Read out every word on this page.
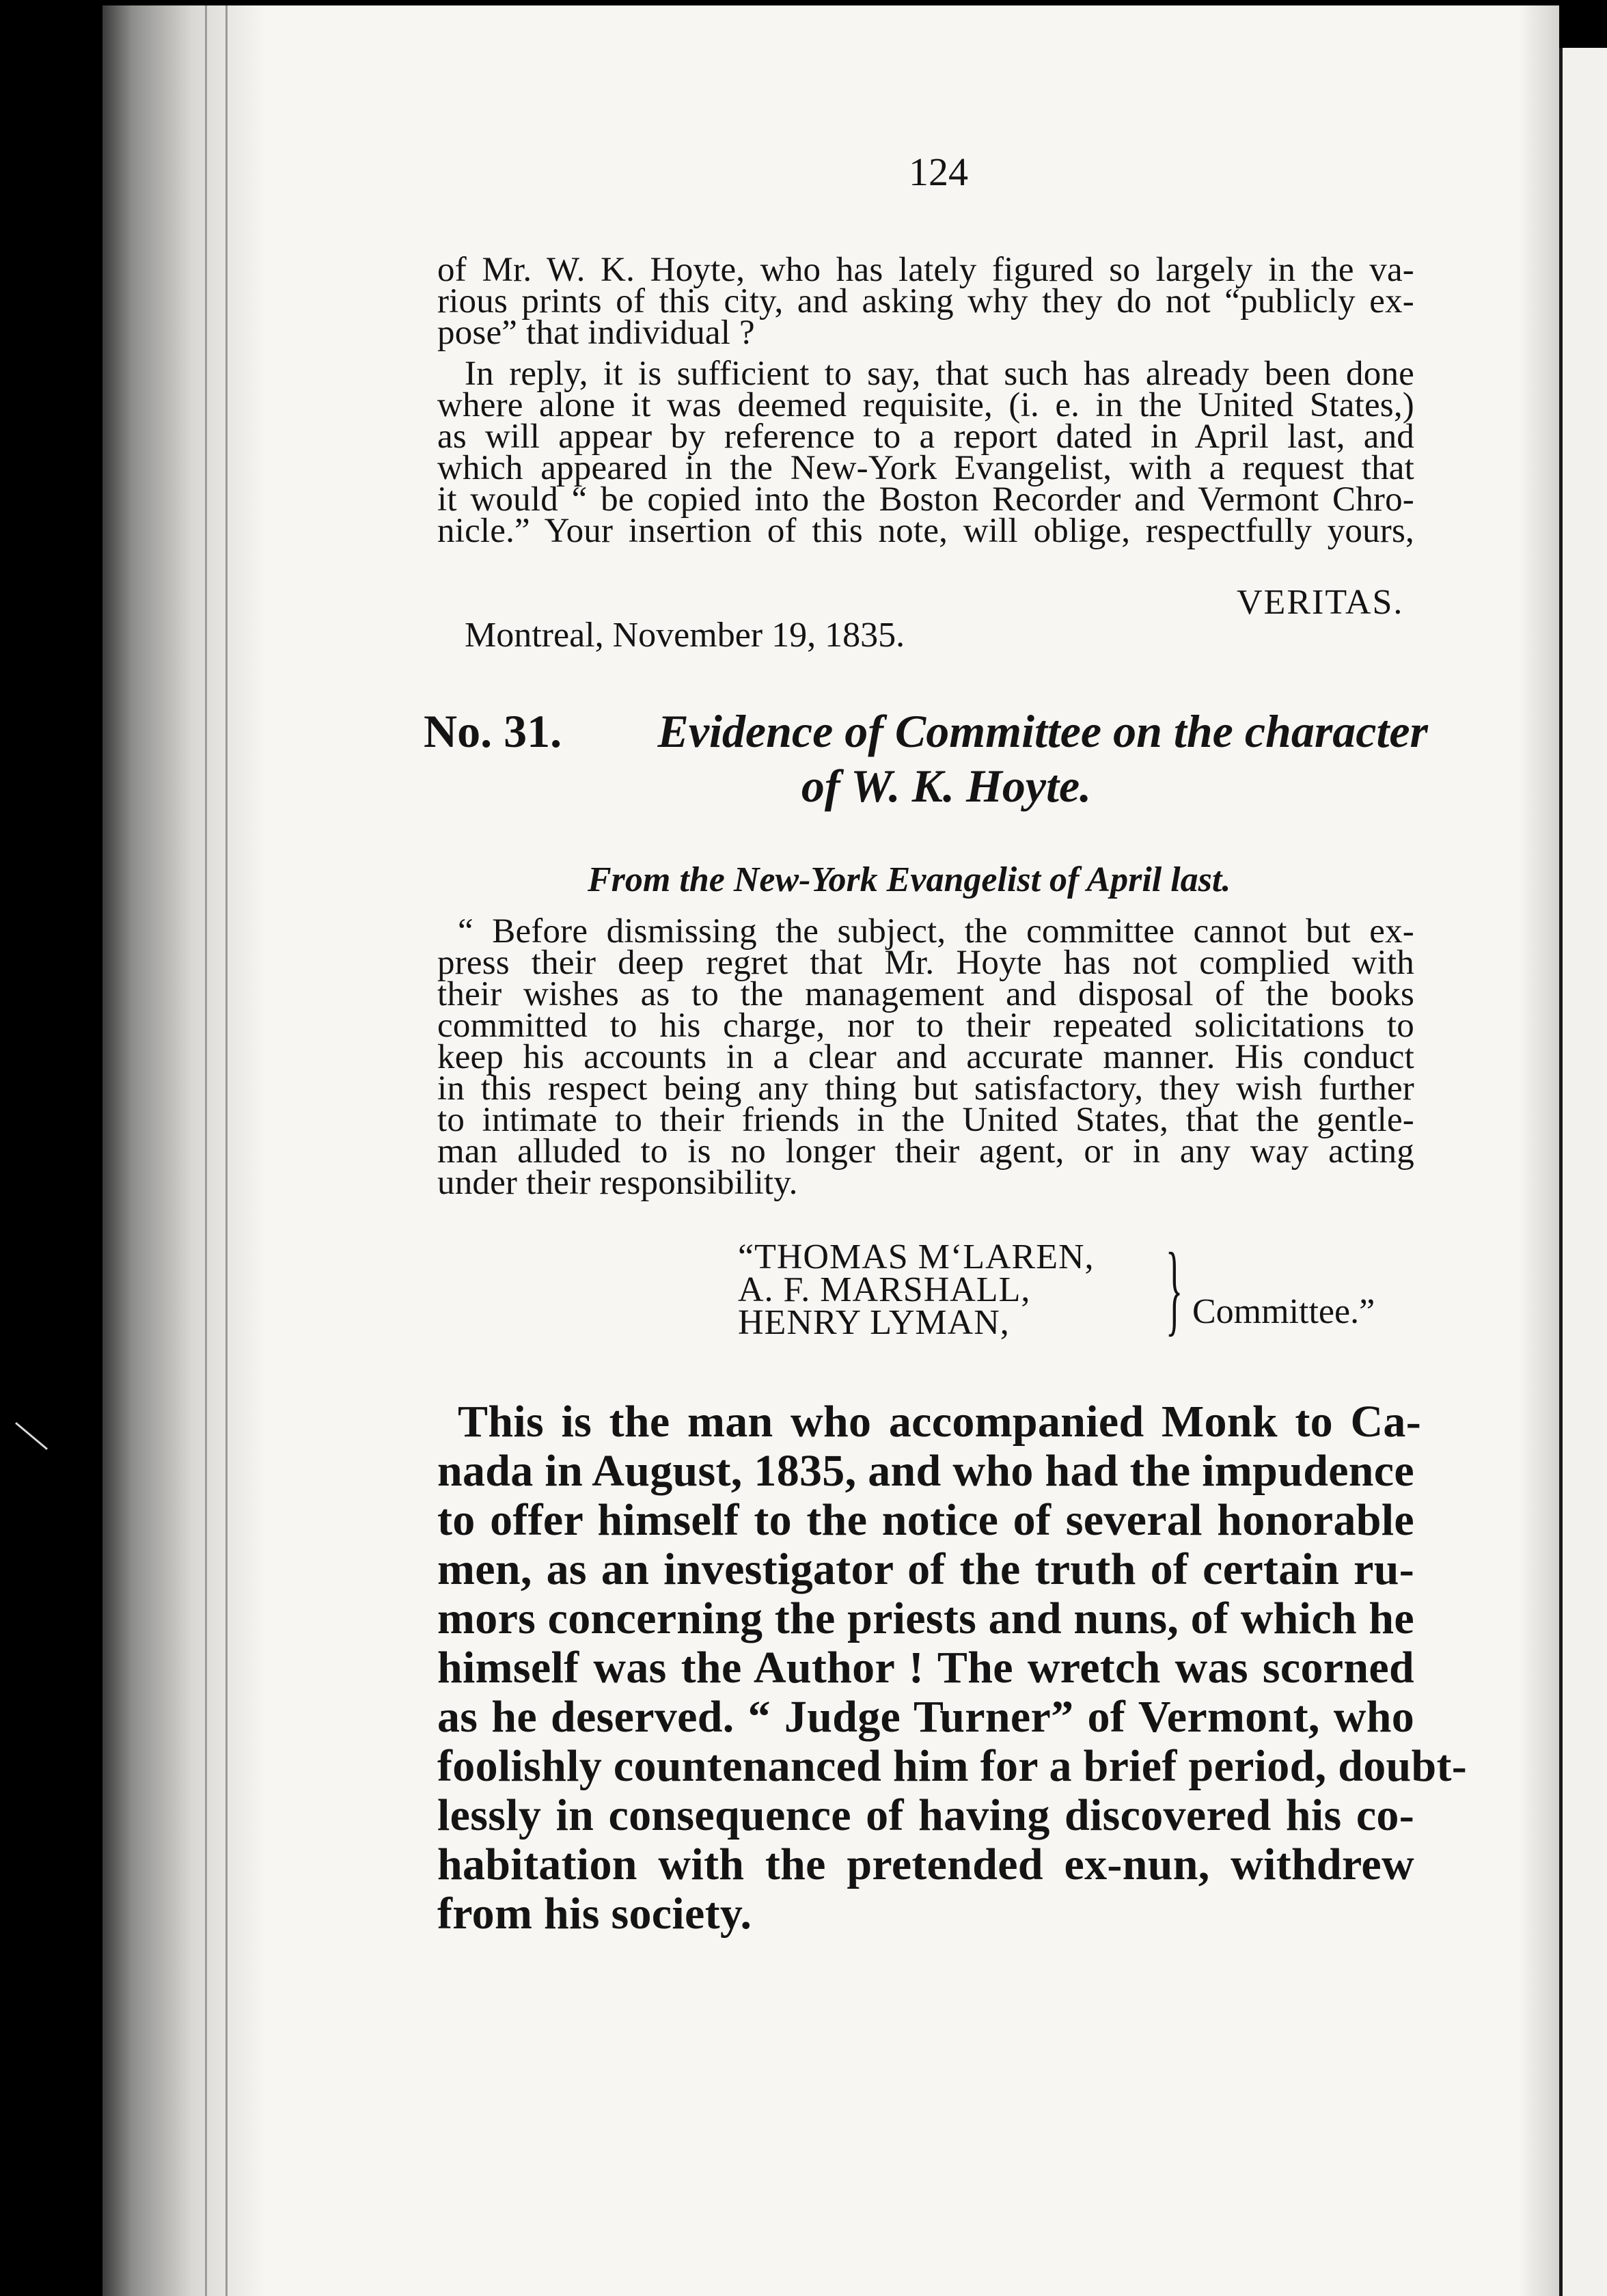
124
of Mr. W. K. Hoyte, who has lately figured so largely in the va-
rious prints of this city, and asking why they do not “publicly ex-
pose” that individual ?
In reply, it is sufficient to say, that such has already been done
where alone it was deemed requisite, (i. e. in the United States,)
as will appear by reference to a report dated in April last, and
which appeared in the New-York Evangelist, with a request that
it would “ be copied into the Boston Recorder and Vermont Chro-
nicle.” Your insertion of this note, will oblige, respectfully yours,
VERITAS.
Montreal, November 19, 1835.
No. 31. Evidence of Committee on the character
of W. K. Hoyte.
From the New-York Evangelist of April last.
“ Before dismissing the subject, the committee cannot but ex-
press their deep regret that Mr. Hoyte has not complied with
their wishes as to the management and disposal of the books
committed to his charge, nor to their repeated solicitations to
keep his accounts in a clear and accurate manner. His conduct
in this respect being any thing but satisfactory, they wish further
to intimate to their friends in the United States, that the gentle-
man alluded to is no longer their agent, or in any way acting
under their responsibility.
“THOMAS M‘LAREN,
A. F. MARSHALL,
HENRY LYMAN,	} Committee.”
This is the man who accompanied Monk to Ca-
nada in August, 1835, and who had the impudence
to offer himself to the notice of several honorable
men, as an investigator of the truth of certain ru-
mors concerning the priests and nuns, of which he
himself was the Author ! The wretch was scorned
as he deserved. “ Judge Turner” of Vermont, who
foolishly countenanced him for a brief period, doubt-
lessly in consequence of having discovered his co-
habitation with the pretended ex-nun, withdrew
from his society.
